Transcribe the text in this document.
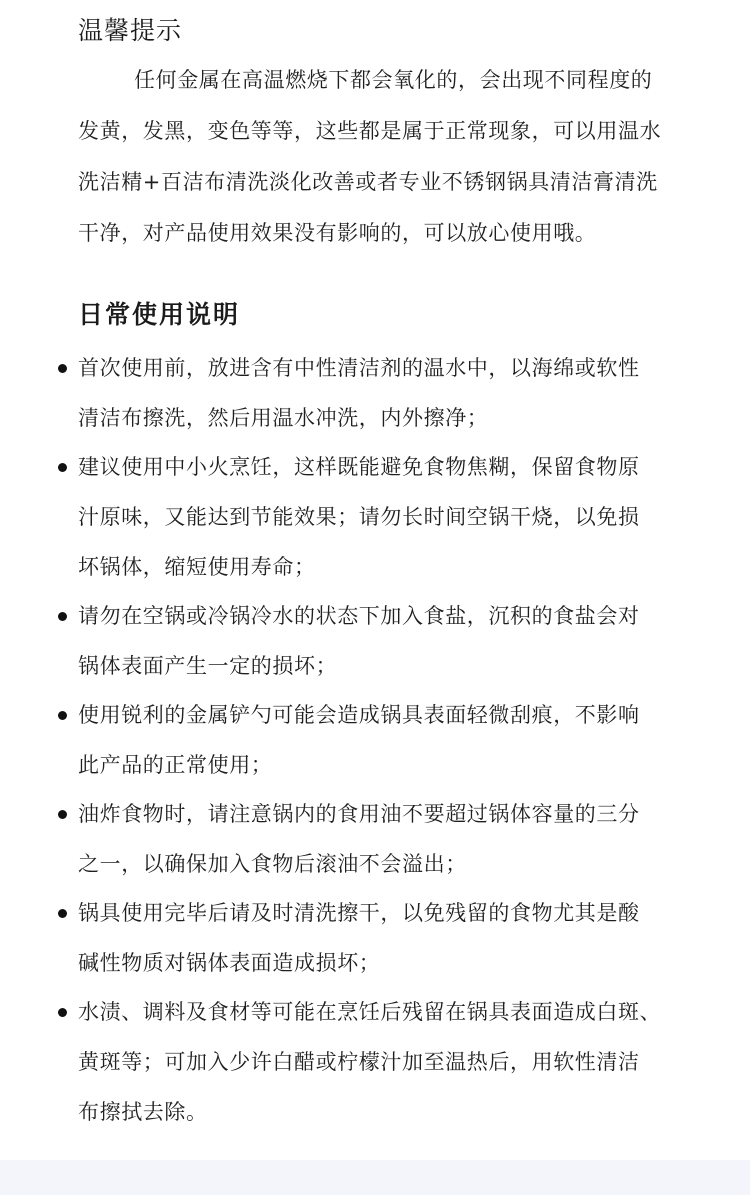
温馨提示
任何金属在高温燃烧下都会氧化的，会出现不同程度的
发黄，发黑，变色等等，这些都是属于正常现象，可以用温水
洗洁精+百洁布清洗淡化改善或者专业不锈钢锅具清洁膏清洗
干净，对产品使用效果没有影响的，可以放心使用哦。
日常使用说明
首次使用前，放进含有中性清洁剂的温水中，以海绵或软性
清洁布擦洗，然后用温水冲洗，内外擦净；
建议使用中小火烹饪，这样既能避免食物焦糊，保留食物原
汁原味，又能达到节能效果；请勿长时间空锅干烧，以免损
坏锅体，缩短使用寿命；
请勿在空锅或冷锅冷水的状态下加入食盐，沉积的食盐会对
锅体表面产生一定的损坏；
使用锐利的金属铲勺可能会造成锅具表面轻微刮痕，不影响
此产品的正常使用；
油炸食物时，请注意锅内的食用油不要超过锅体容量的三分
之一，以确保加入食物后滚油不会溢出；
锅具使用完毕后请及时清洗擦干，以免残留的食物尤其是酸
碱性物质对锅体表面造成损坏；
水渍、调料及食材等可能在烹饪后残留在锅具表面造成白斑、
黄斑等；可加入少许白醋或柠檬汁加至温热后，用软性清洁
布擦拭去除。
